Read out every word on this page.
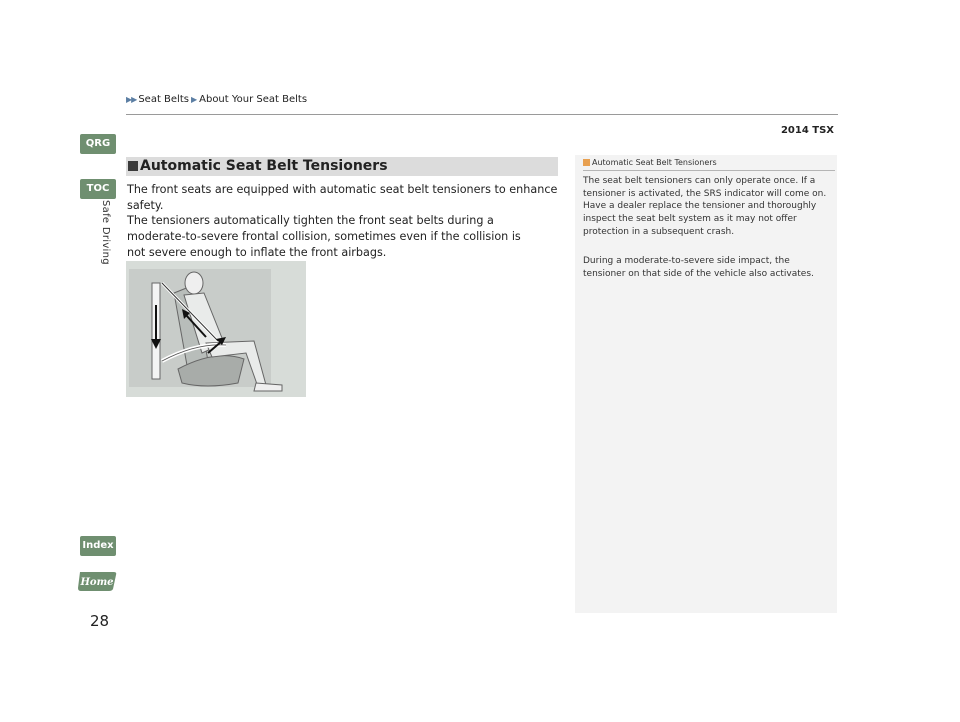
▶▶ Seat Belts ▶ About Your Seat Belts
2014 TSX
QRG
TOC
Index
Home
Safe Driving
Automatic Seat Belt Tensioners
The front seats are equipped with automatic seat belt tensioners to enhance safety.
The tensioners automatically tighten the front seat belts during a moderate-to-severe frontal collision, sometimes even if the collision is not severe enough to inflate the front airbags.
Automatic Seat Belt Tensioners
The seat belt tensioners can only operate once. If a tensioner is activated, the SRS indicator will come on. Have a dealer replace the tensioner and thoroughly inspect the seat belt system as it may not offer protection in a subsequent crash.
During a moderate-to-severe side impact, the tensioner on that side of the vehicle also activates.
28
